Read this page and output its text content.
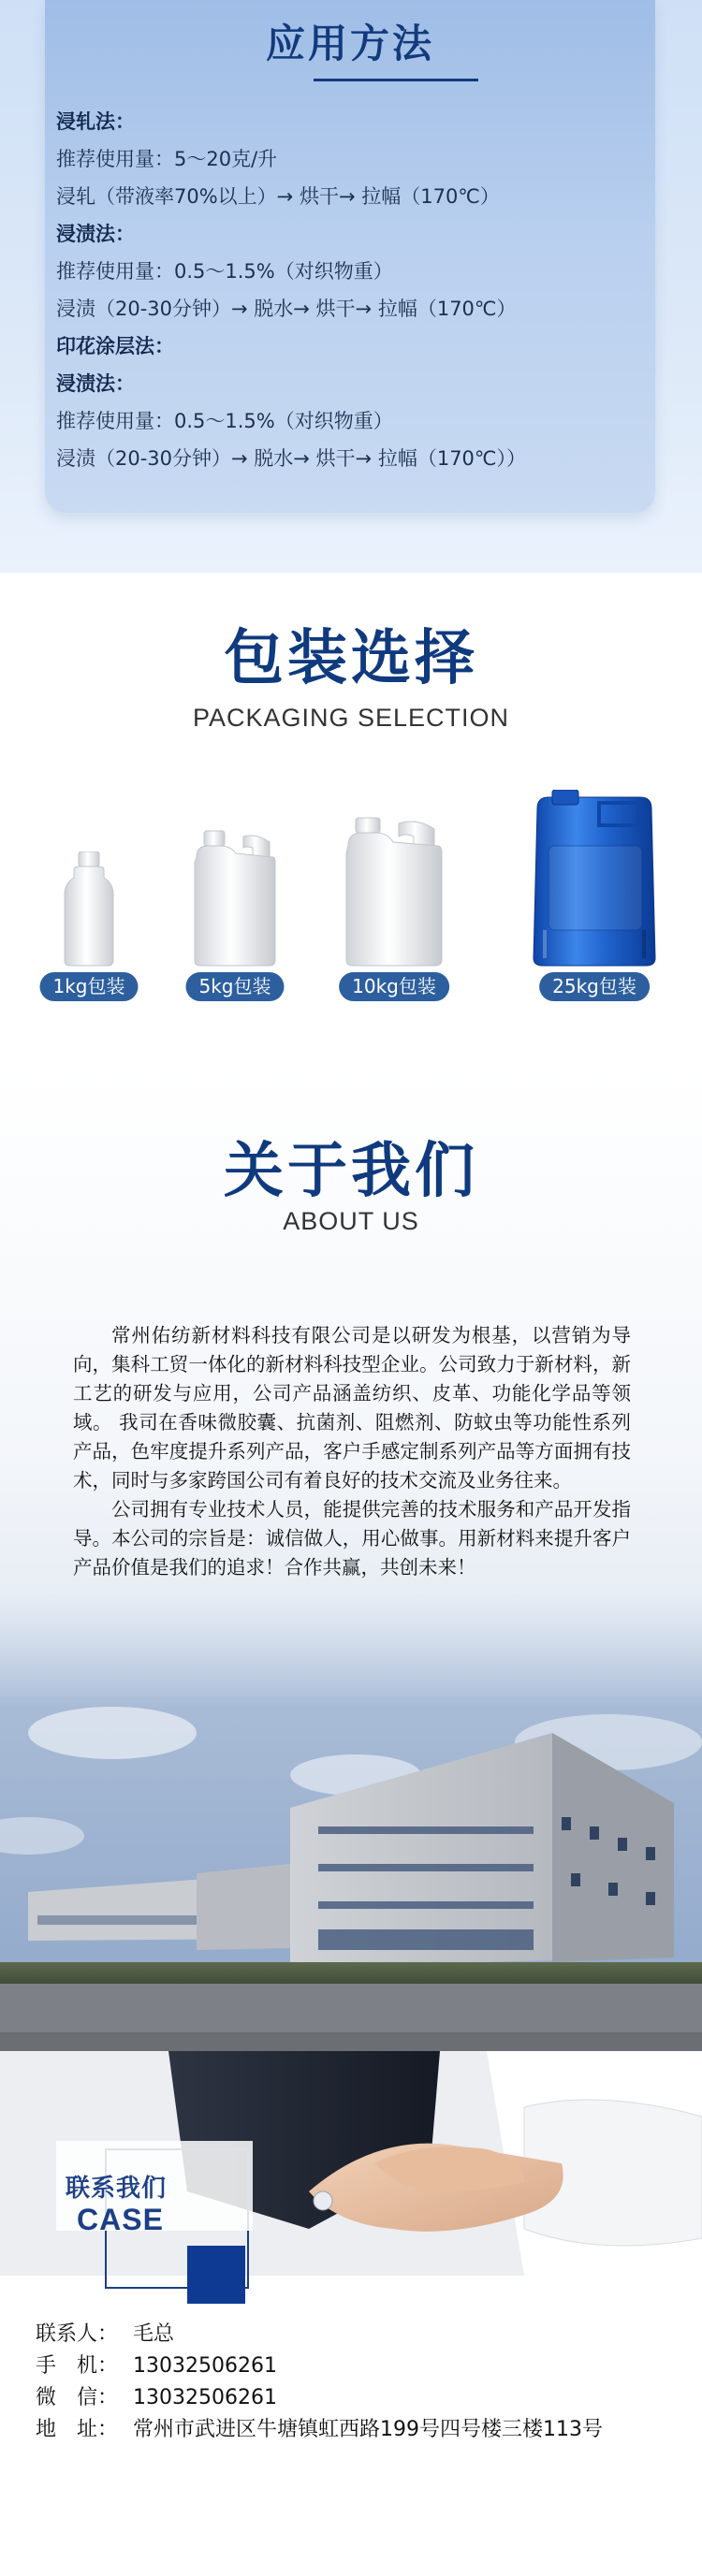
应用方法
浸轧法：
推荐使用量：5～20克/升
浸轧（带液率70%以上）→ 烘干→ 拉幅（170℃）
浸渍法：
推荐使用量：0.5～1.5%（对织物重）
浸渍（20-30分钟）→ 脱水→ 烘干→ 拉幅（170℃）
印花涂层法：
浸渍法：
推荐使用量：0.5～1.5%（对织物重）
浸渍（20-30分钟）→ 脱水→ 烘干→ 拉幅（170℃））
包装选择
PACKAGING SELECTION
1kg包装	5kg包装	10kg包装	25kg包装
关于我们
ABOUT US

常州佑纺新材料科技有限公司是以研发为根基，以营销为导向，集科工贸一体化的新材料科技型企业。公司致力于新材料，新工艺的研发与应用，公司产品涵盖纺织、皮革、功能化学品等领域。 我司在香味微胶囊、抗菌剂、阻燃剂、防蚊虫等功能性系列产品，色牢度提升系列产品，客户手感定制系列产品等方面拥有技术，同时与多家跨国公司有着良好的技术交流及业务往来。

公司拥有专业技术人员，能提供完善的技术服务和产品开发指导。本公司的宗旨是：诚信做人，用心做事。用新材料来提升客户产品价值是我们的追求！合作共赢，共创未来！

联系我们
CASE
联系人： 毛总
手　机： 13032506261
微　信： 13032506261
地　址： 常州市武进区牛塘镇虹西路199号四号楼三楼113号
